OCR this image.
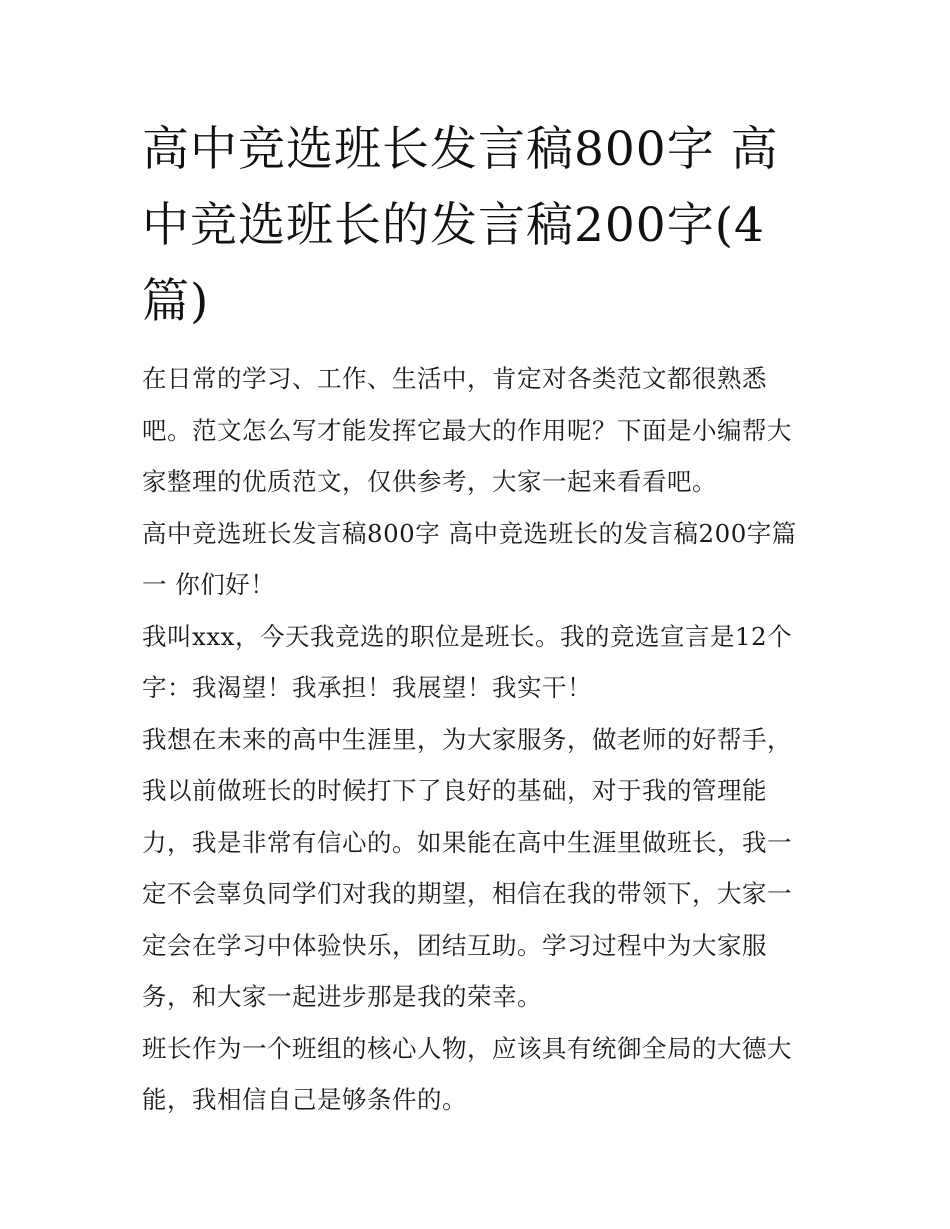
高中竞选班长发言稿800字 高中竞选班长的发言稿200字(4篇)

在日常的学习、工作、生活中，肯定对各类范文都很熟悉吧。范文怎么写才能发挥它最大的作用呢？下面是小编帮大家整理的优质范文，仅供参考，大家一起来看看吧。

高中竞选班长发言稿800字 高中竞选班长的发言稿200字篇一 你们好！

我叫xxx，今天我竞选的职位是班长。我的竞选宣言是12个字：我渴望！我承担！我展望！我实干！

我想在未来的高中生涯里，为大家服务，做老师的好帮手，我以前做班长的时候打下了良好的基础，对于我的管理能力，我是非常有信心的。如果能在高中生涯里做班长，我一定不会辜负同学们对我的期望，相信在我的带领下，大家一定会在学习中体验快乐，团结互助。学习过程中为大家服务，和大家一起进步那是我的荣幸。

班长作为一个班组的核心人物，应该具有统御全局的大德大能，我相信自己是够条件的。
